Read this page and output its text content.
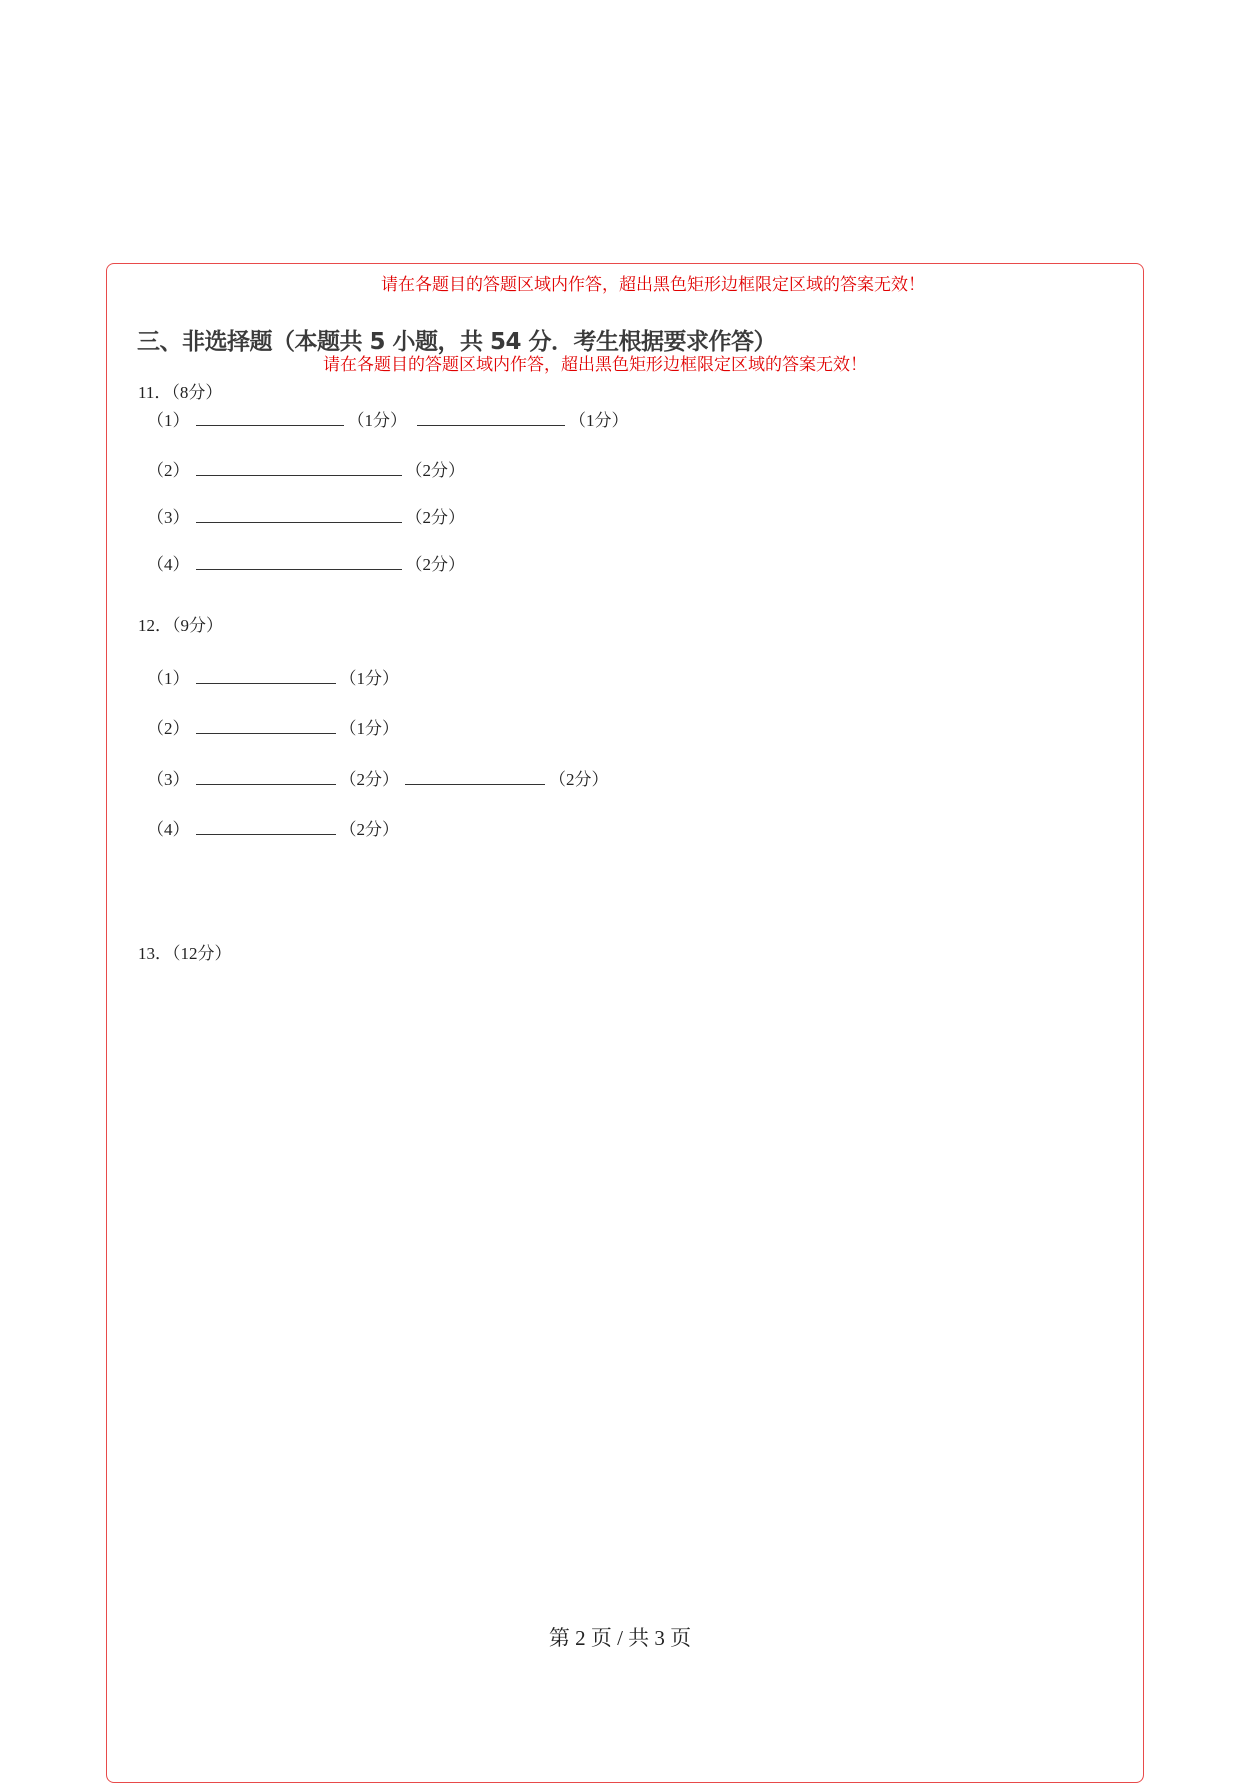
请在各题目的答题区域内作答，超出黑色矩形边框限定区域的答案无效！
三、非选择题（本题共 5 小题，共 54 分．考生根据要求作答）
请在各题目的答题区域内作答，超出黑色矩形边框限定区域的答案无效！
11．（8分）
（1）	（1分）	（1分）
（2）	（2分）
（3）	（2分）
（4）	（2分）
12．（9分）
（1）	（1分）
（2）	（1分）
（3）	（2分）	（2分）
（4）	（2分）
13．（12分）
第 2 页 / 共 3 页
